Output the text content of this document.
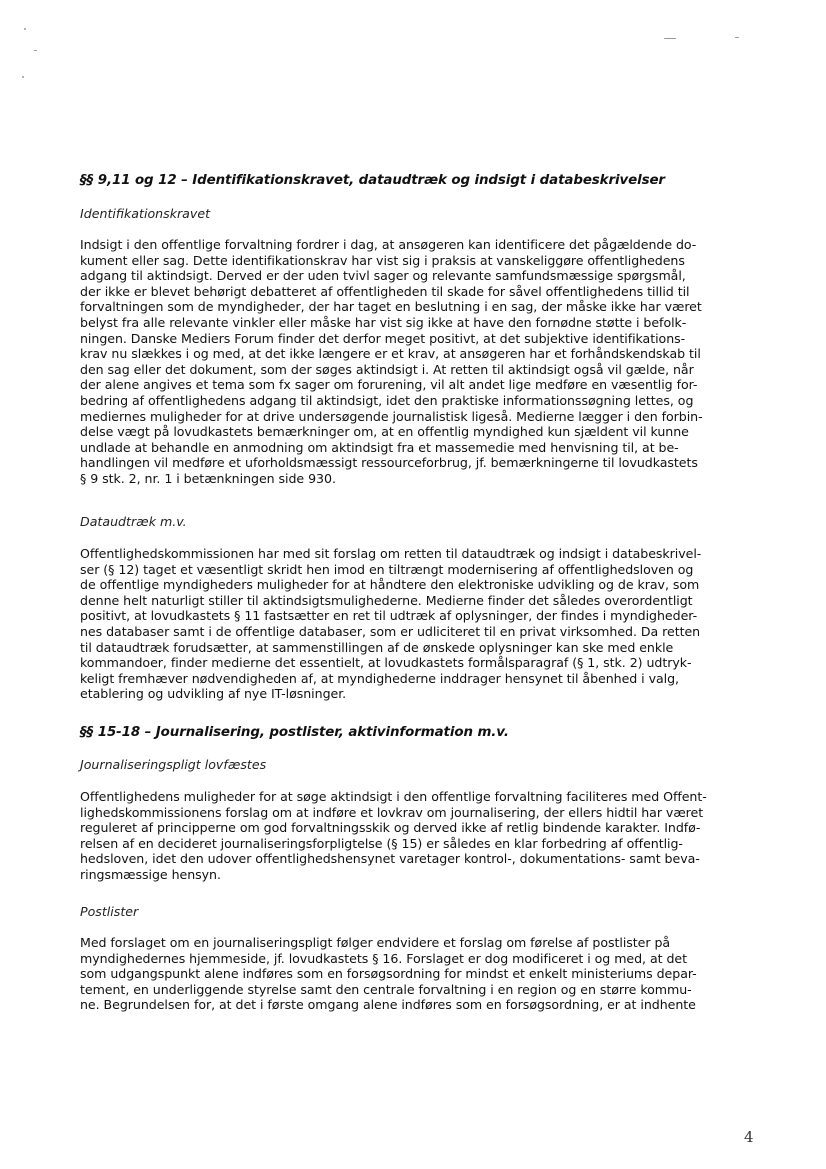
§§ 9,11 og 12 – Identifikationskravet, dataudtræk og indsigt i databeskrivelser
Identifikationskravet
Indsigt i den offentlige forvaltning fordrer i dag, at ansøgeren kan identificere det pågældende do-
kument eller sag. Dette identifikationskrav har vist sig i praksis at vanskeliggøre offentlighedens
adgang til aktindsigt. Derved er der uden tvivl sager og relevante samfundsmæssige spørgsmål,
der ikke er blevet behørigt debatteret af offentligheden til skade for såvel offentlighedens tillid til
forvaltningen som de myndigheder, der har taget en beslutning i en sag, der måske ikke har været
belyst fra alle relevante vinkler eller måske har vist sig ikke at have den fornødne støtte i befolk-
ningen. Danske Mediers Forum finder det derfor meget positivt, at det subjektive identifikations-
krav nu slækkes i og med, at det ikke længere er et krav, at ansøgeren har et forhåndskendskab til
den sag eller det dokument, som der søges aktindsigt i. At retten til aktindsigt også vil gælde, når
der alene angives et tema som fx sager om forurening, vil alt andet lige medføre en væsentlig for-
bedring af offentlighedens adgang til aktindsigt, idet den praktiske informationssøgning lettes, og
mediernes muligheder for at drive undersøgende journalistisk ligeså. Medierne lægger i den forbin-
delse vægt på lovudkastets bemærkninger om, at en offentlig myndighed kun sjældent vil kunne
undlade at behandle en anmodning om aktindsigt fra et massemedie med henvisning til, at be-
handlingen vil medføre et uforholdsmæssigt ressourceforbrug, jf. bemærkningerne til lovudkastets
§ 9 stk. 2, nr. 1 i betænkningen side 930.
Dataudtræk m.v.
Offentlighedskommissionen har med sit forslag om retten til dataudtræk og indsigt i databeskrivel-
ser (§ 12) taget et væsentligt skridt hen imod en tiltrængt modernisering af offentlighedsloven og
de offentlige myndigheders muligheder for at håndtere den elektroniske udvikling og de krav, som
denne helt naturligt stiller til aktindsigtsmulighederne. Medierne finder det således overordentligt
positivt, at lovudkastets § 11 fastsætter en ret til udtræk af oplysninger, der findes i myndigheder-
nes databaser samt i de offentlige databaser, som er udliciteret til en privat virksomhed. Da retten
til dataudtræk forudsætter, at sammenstillingen af de ønskede oplysninger kan ske med enkle
kommandoer, finder medierne det essentielt, at lovudkastets formålsparagraf (§ 1, stk. 2) udtryk-
keligt fremhæver nødvendigheden af, at myndighederne inddrager hensynet til åbenhed i valg,
etablering og udvikling af nye IT-løsninger.
§§ 15-18 – Journalisering, postlister, aktivinformation m.v.
Journaliseringspligt lovfæstes
Offentlighedens muligheder for at søge aktindsigt i den offentlige forvaltning faciliteres med Offent-
lighedskommissionens forslag om at indføre et lovkrav om journalisering, der ellers hidtil har været
reguleret af principperne om god forvaltningsskik og derved ikke af retlig bindende karakter. Indfø-
relsen af en decideret journaliseringsforpligtelse (§ 15) er således en klar forbedring af offentlig-
hedsloven, idet den udover offentlighedshensynet varetager kontrol-, dokumentations- samt beva-
ringsmæssige hensyn.
Postlister
Med forslaget om en journaliseringspligt følger endvidere et forslag om førelse af postlister på
myndighedernes hjemmeside, jf. lovudkastets § 16. Forslaget er dog modificeret i og med, at det
som udgangspunkt alene indføres som en forsøgsordning for mindst et enkelt ministeriums depar-
tement, en underliggende styrelse samt den centrale forvaltning i en region og en større kommu-
ne. Begrundelsen for, at det i første omgang alene indføres som en forsøgsordning, er at indhente
4
